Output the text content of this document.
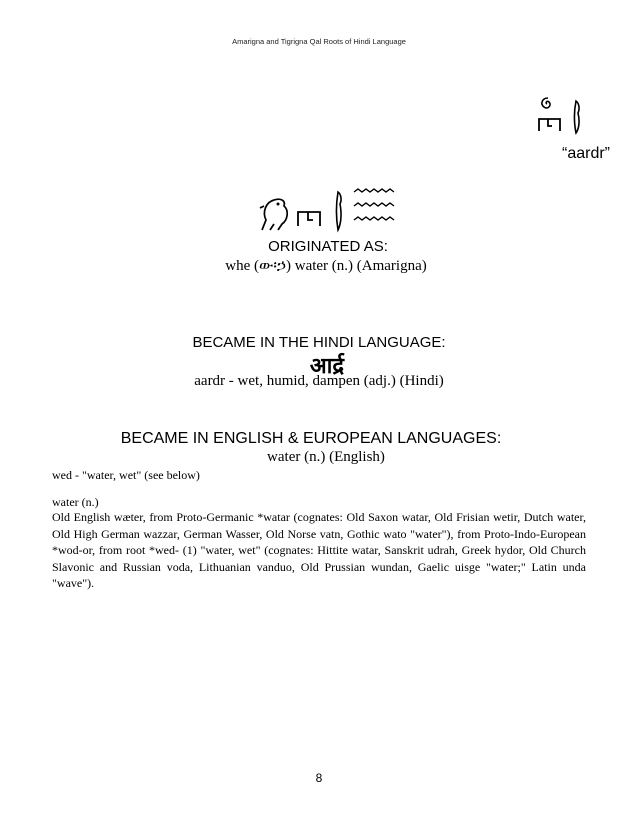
Amarigna and Tigrigna Qal Roots of Hindi Language
“aardr”
ORIGINATED AS:
whe (ው፡ኃ) water (n.) (Amarigna)
BECAME IN THE HINDI LANGUAGE:
आर्द्र
aardr - wet, humid, dampen (adj.) (Hindi)
BECAME IN ENGLISH & EUROPEAN LANGUAGES:
water (n.) (English)
wed - "water, wet" (see below)
water (n.)
Old English wæter, from Proto-Germanic *watar (cognates: Old Saxon watar, Old Frisian wetir, Dutch water, Old High German wazzar, German Wasser, Old Norse vatn, Gothic wato "water"), from Proto-Indo-European *wod-or, from root *wed- (1) "water, wet" (cognates: Hittite watar, Sanskrit udrah, Greek hydor, Old Church Slavonic and Russian voda, Lithuanian vanduo, Old Prussian wundan, Gaelic uisge "water;" Latin unda "wave").
8
